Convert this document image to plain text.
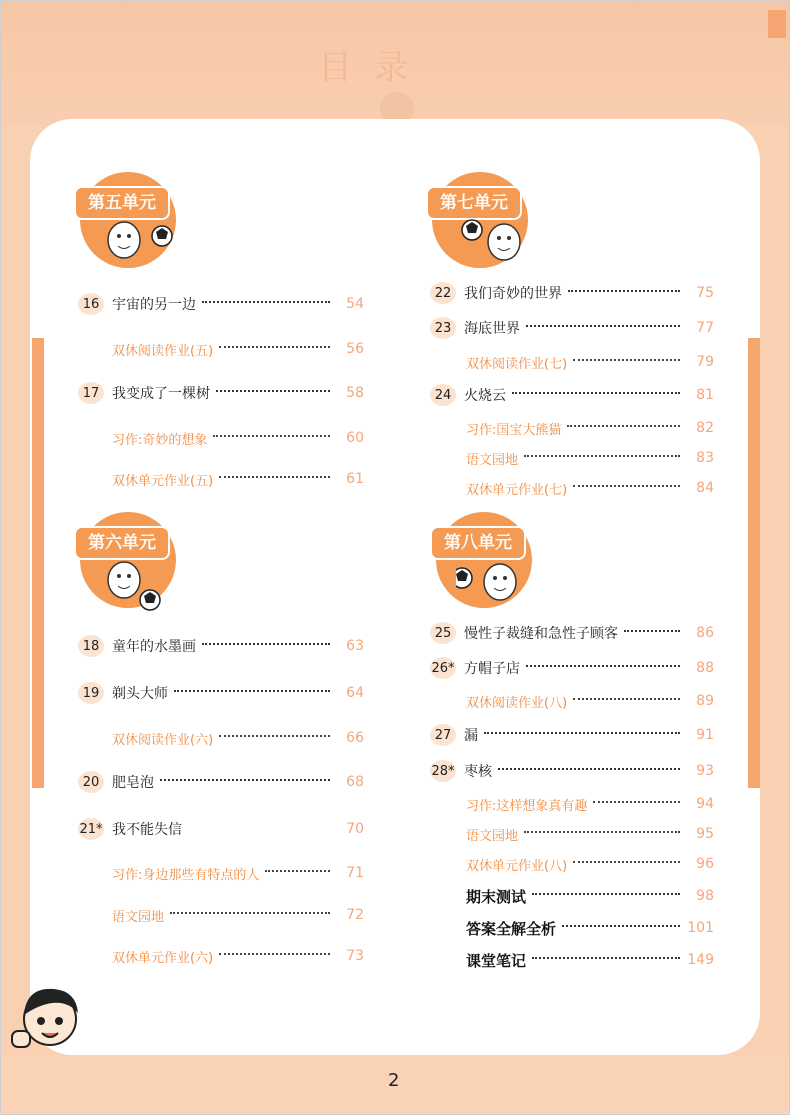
目录
第五单元
第六单元
第七单元
第八单元
16 宇宙的另一边	54
双休阅读作业(五)	56
17 我变成了一棵树	58
习作:奇妙的想象	60
双休单元作业(五)	61
18 童年的水墨画	63
19 剃头大师	64
双休阅读作业(六)	66
20 肥皂泡	68
21* 我不能失信	70
习作:身边那些有特点的人	71
语文园地	72
双休单元作业(六)	73
22 我们奇妙的世界	75
23 海底世界	77
双休阅读作业(七)	79
24 火烧云	81
习作:国宝大熊猫	82
语文园地	83
双休单元作业(七)	84
25 慢性子裁缝和急性子顾客	86
26* 方帽子店	88
双休阅读作业(八)	89
27 漏	91
28* 枣核	93
习作:这样想象真有趣	94
语文园地	95
双休单元作业(八)	96
期末测试	98
答案全解全析	101
课堂笔记	149
2
